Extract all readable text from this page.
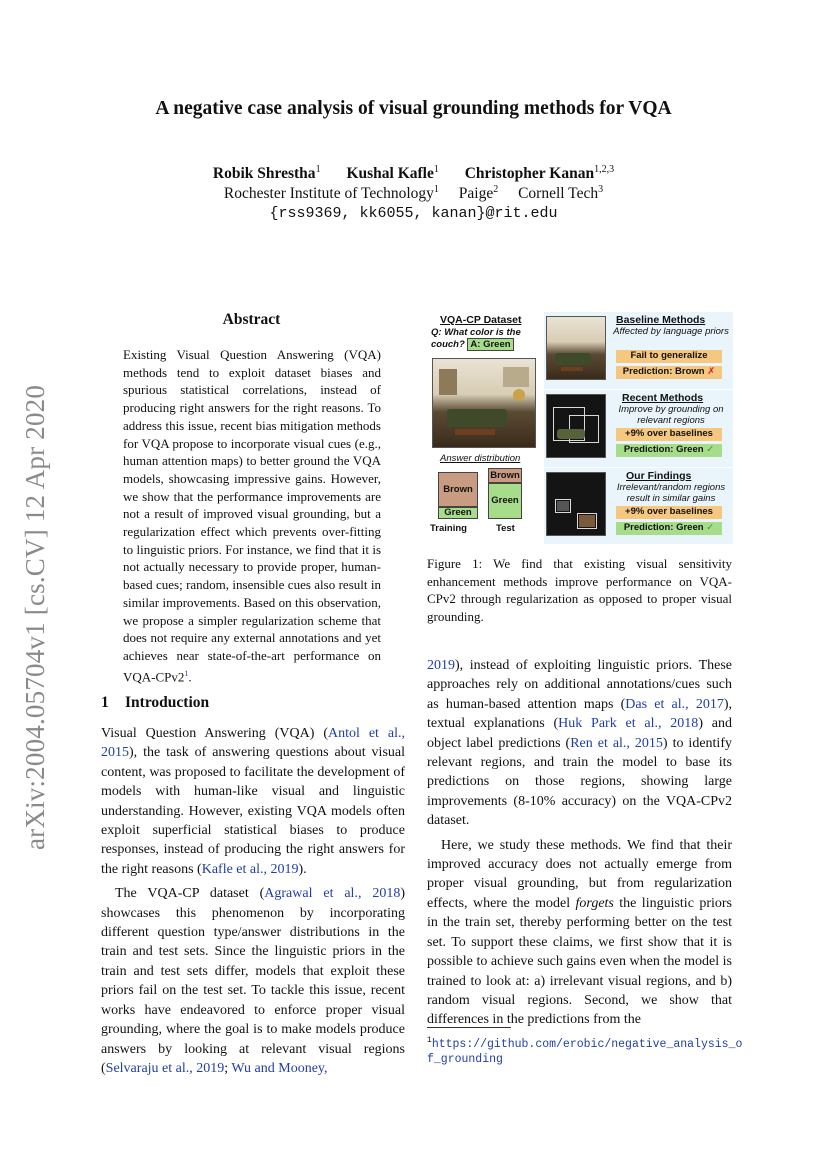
arXiv:2004.05704v1 [cs.CV] 12 Apr 2020
A negative case analysis of visual grounding methods for VQA
Robik Shrestha$^1$ Kushal Kafle$^1$ Christopher Kanan$^{1,2,3}$
Rochester Institute of Technology$^1$ Paige$^2$ Cornell Tech$^3$
{rss9369, kk6055, kanan}@rit.edu
Abstract
Existing Visual Question Answering (VQA) methods tend to exploit dataset biases and spurious statistical correlations, instead of producing right answers for the right reasons. To address this issue, recent bias mitigation methods for VQA propose to incorporate visual cues (e.g., human attention maps) to better ground the VQA models, showcasing impressive gains. However, we show that the performance improvements are not a result of improved visual grounding, but a regularization effect which prevents over-fitting to linguistic priors. For instance, we find that it is not actually necessary to provide proper, human-based cues; random, insensible cues also result in similar improvements. Based on this observation, we propose a simpler regularization scheme that does not require any external annotations and yet achieves near state-of-the-art performance on VQA-CPv2$^1$.
1 Introduction

Visual Question Answering (VQA) (Antol et al., 2015), the task of answering questions about visual content, was proposed to facilitate the development of models with human-like visual and linguistic understanding. However, existing VQA models often exploit superficial statistical biases to produce responses, instead of producing the right answers for the right reasons (Kafle et al., 2019).

The VQA-CP dataset (Agrawal et al., 2018) showcases this phenomenon by incorporating different question type/answer distributions in the train and test sets. Since the linguistic priors in the train and test sets differ, models that exploit these priors fail on the test set. To tackle this issue, recent works have endeavored to enforce proper visual grounding, where the goal is to make models produce answers by looking at relevant visual regions (Selvaraju et al., 2019; Wu and Mooney,

VQA-CP Dataset
Q: What color is the couch? A: Green
Answer distribution
Brown
Green
Brown
Green
Training	Test
Baseline Methods
Affected by language priors
Fail to generalize
Prediction: Brown ✗
Recent Methods
Improve by grounding on relevant regions
+9% over baselines
Prediction: Green ✓
Our Findings
Irrelevant/random regions result in similar gains
+9% over baselines
Prediction: Green ✓
Figure 1: We find that existing visual sensitivity enhancement methods improve performance on VQA-CPv2 through regularization as opposed to proper visual grounding.

2019), instead of exploiting linguistic priors. These approaches rely on additional annotations/cues such as human-based attention maps (Das et al., 2017), textual explanations (Huk Park et al., 2018) and object label predictions (Ren et al., 2015) to identify relevant regions, and train the model to base its predictions on those regions, showing large improvements (8-10% accuracy) on the VQA-CPv2 dataset.

Here, we study these methods. We find that their improved accuracy does not actually emerge from proper visual grounding, but from regularization effects, where the model forgets the linguistic priors in the train set, thereby performing better on the test set. To support these claims, we first show that it is possible to achieve such gains even when the model is trained to look at: a) irrelevant visual regions, and b) random visual regions. Second, we show that differences in the predictions from the

$^1$https://github.com/erobic/negative_analysis_of_grounding
